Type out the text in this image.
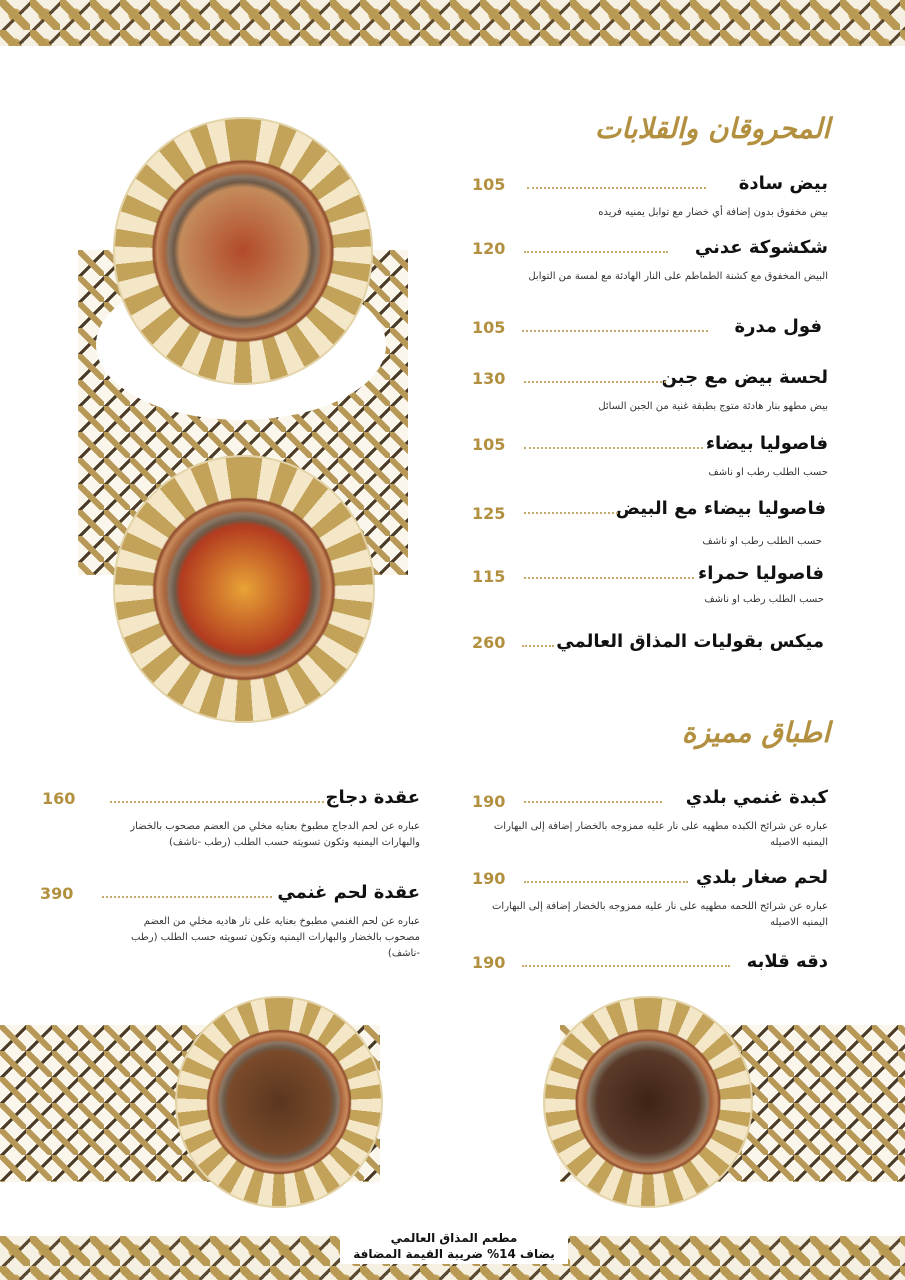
المحروقان والقلابات
بيض سادة
105
بيض مخفوق بدون إضافة أي خضار مع توابل يمنيه فريده
شكشوكة عدني
120
البيض المخفوق مع كشنة الطماطم على النار الهادئة مع لمسة من التوابل
فول مدرة
105
لحسة بيض مع جبن
130
بيض مطهو بنار هادئة متوج بطبقة غنية من الجبن السائل
فاصوليا بيضاء
105
حسب الطلب رطب او ناشف
فاصوليا بيضاء مع البيض
125
حسب الطلب رطب او ناشف
فاصوليا حمراء
115
حسب الطلب رطب او ناشف
ميكس بقوليات المذاق العالمي
260
اطباق مميزة
كبدة غنمي بلدي
190
عباره عن شرائح الكبده مطهيه على نار عليه ممزوجه بالخضار إضافة إلى البهارات اليمنيه الاصيله
لحم صغار بلدي
190
عباره عن شرائح اللحمه مطهيه على نار عليه ممزوجه بالخضار إضافة إلى البهارات اليمنيه الاصيله
دقه قلابه
190
عقدة دجاج
160
عباره عن لحم الدجاج مطبوخ بعنايه مخلي من العضم مصحوب بالخضار والبهارات اليمنيه وتكون تسويته حسب الطلب (رطب -ناشف)
عقدة لحم غنمي
390
عباره عن لحم الغنمي مطبوخ بعنايه على نار هاديه مخلي من العضم مصحوب بالخضار والبهارات اليمنيه وتكون تسويته حسب الطلب (رطب -ناشف)
مطعم المذاق العالمي
يضاف 14% ضريبة القيمة المضافة
